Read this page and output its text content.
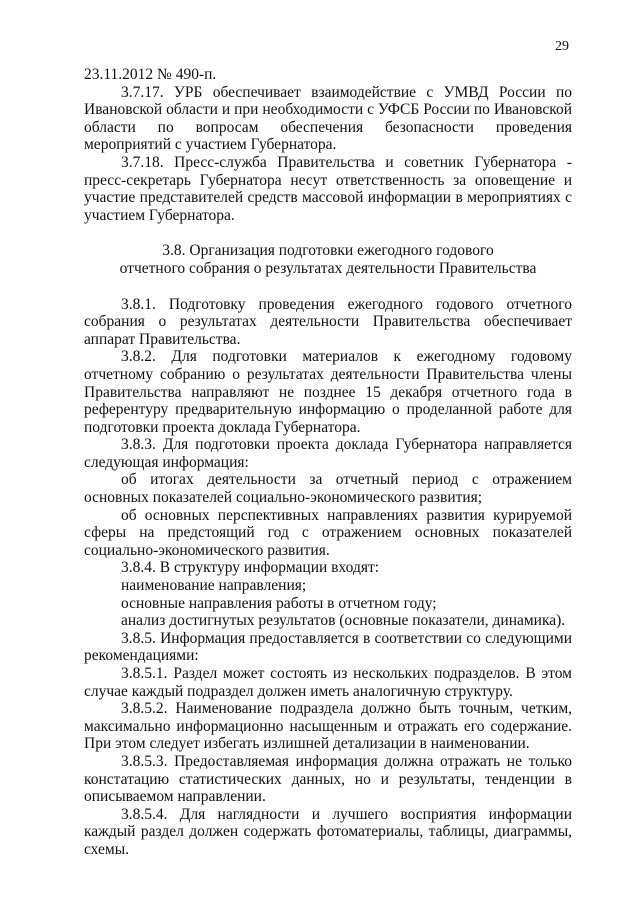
29

23.11.2012 № 490-п.

3.7.17. УРБ обеспечивает взаимодействие с УМВД России по Ивановской области и при необходимости с УФСБ России по Ивановской области по вопросам обеспечения безопасности проведения мероприятий с участием Губернатора.

3.7.18. Пресс-служба Правительства и советник Губернатора - пресс-секретарь Губернатора несут ответственность за оповещение и участие представителей средств массовой информации в мероприятиях с участием Губернатора.

3.8. Организация подготовки ежегодного годового

отчетного собрания о результатах деятельности Правительства

3.8.1. Подготовку проведения ежегодного годового отчетного собрания о результатах деятельности Правительства обеспечивает аппарат Правительства.

3.8.2. Для подготовки материалов к ежегодному годовому отчетному собранию о результатах деятельности Правительства члены Правительства направляют не позднее 15 декабря отчетного года в референтуру предварительную информацию о проделанной работе для подготовки проекта доклада Губернатора.

3.8.3. Для подготовки проекта доклада Губернатора направляется следующая информация:

об итогах деятельности за отчетный период с отражением основных показателей социально-экономического развития;

об основных перспективных направлениях развития курируемой сферы на предстоящий год с отражением основных показателей социально-экономического развития.

3.8.4. В структуру информации входят:

наименование направления;

основные направления работы в отчетном году;

анализ достигнутых результатов (основные показатели, динамика).

3.8.5. Информация предоставляется в соответствии со следующими рекомендациями:

3.8.5.1. Раздел может состоять из нескольких подразделов. В этом случае каждый подраздел должен иметь аналогичную структуру.

3.8.5.2. Наименование подраздела должно быть точным, четким, максимально информационно насыщенным и отражать его содержание. При этом следует избегать излишней детализации в наименовании.

3.8.5.3. Предоставляемая информация должна отражать не только констатацию статистических данных, но и результаты, тенденции в описываемом направлении.

3.8.5.4. Для наглядности и лучшего восприятия информации каждый раздел должен содержать фотоматериалы, таблицы, диаграммы, схемы.
